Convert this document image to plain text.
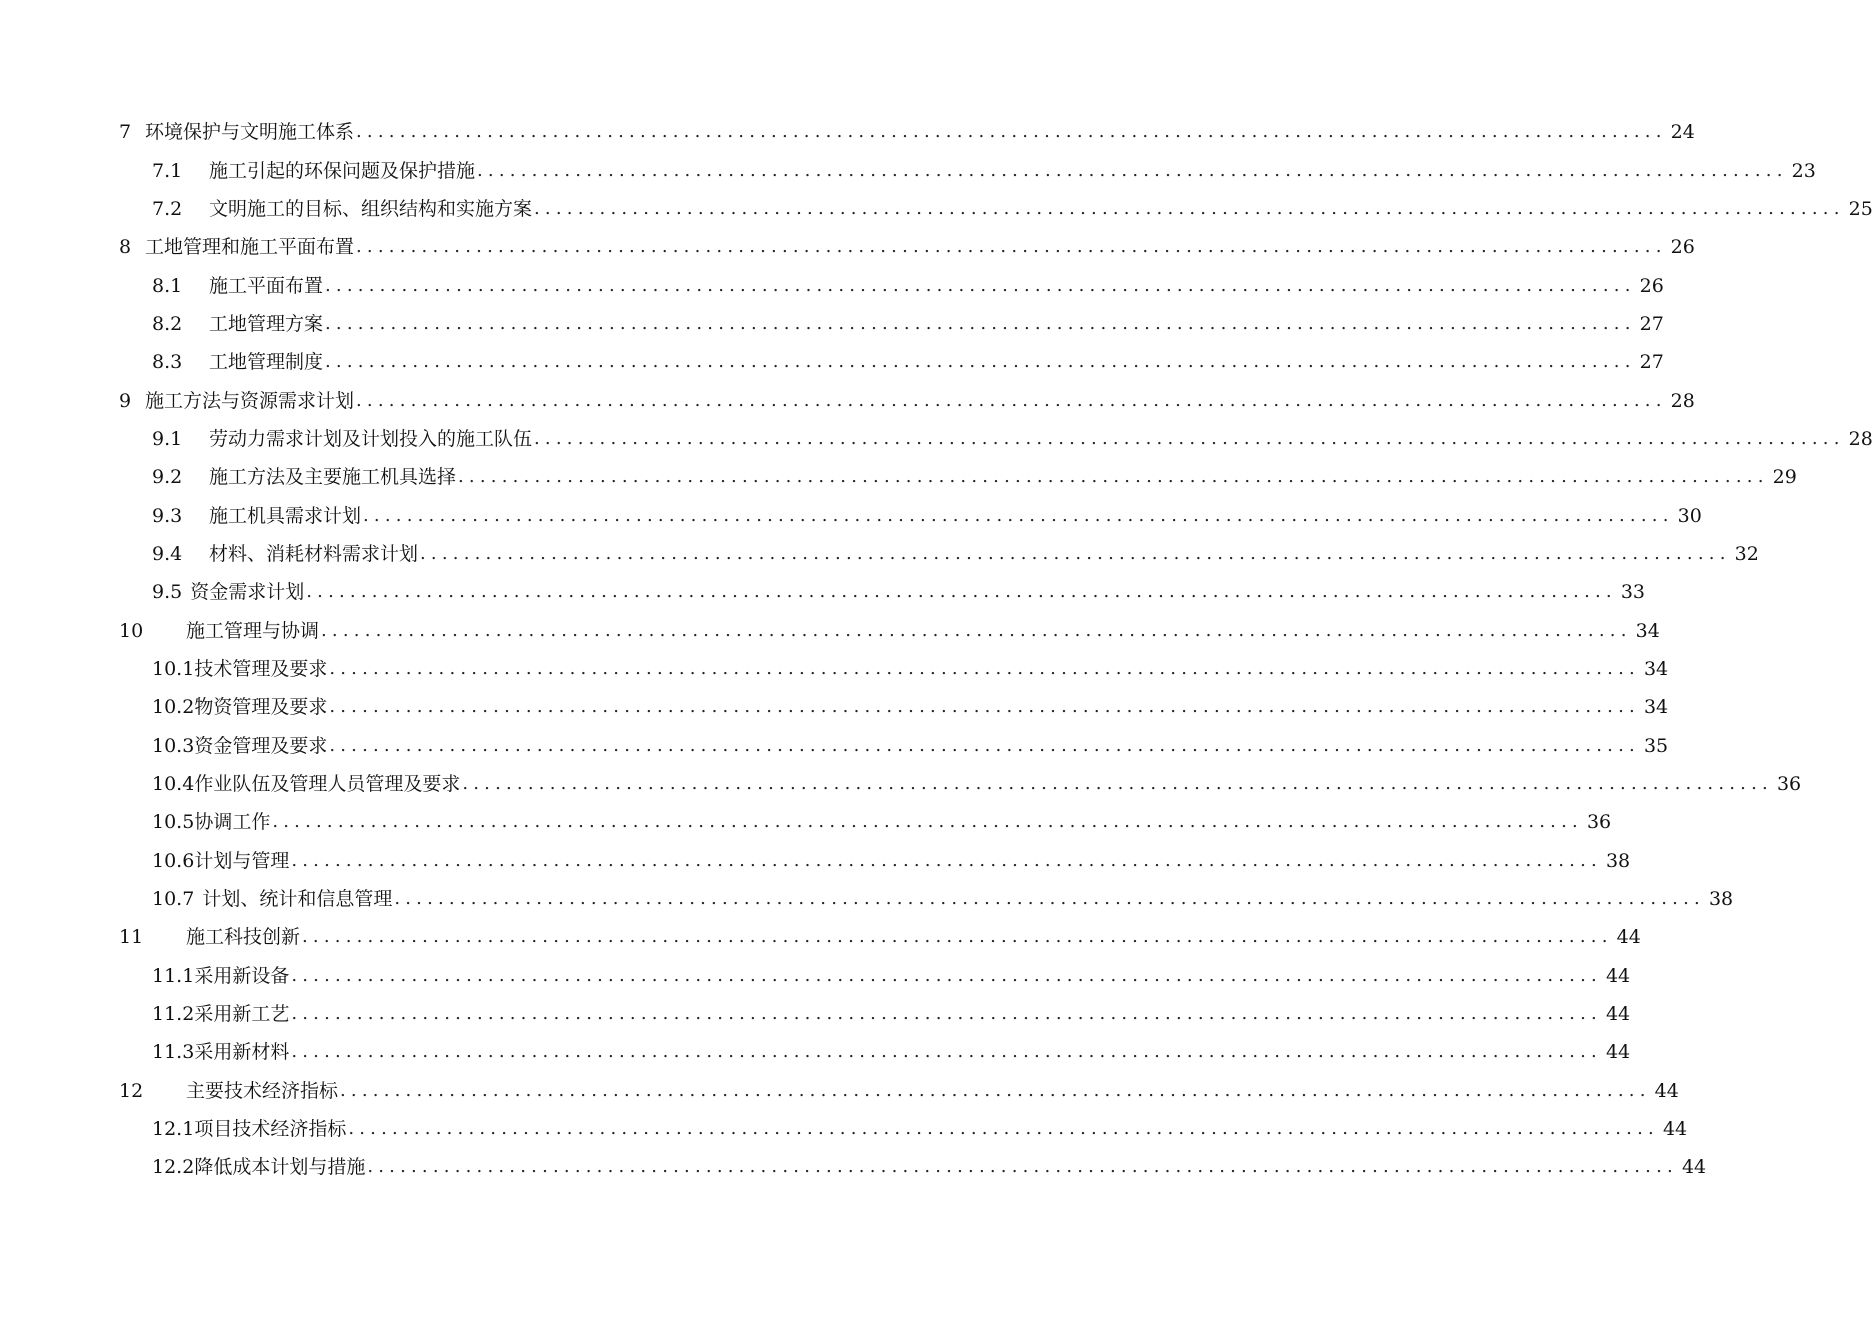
7 环境保护与文明施工体系 ........................................................................................................................ 24
7.1	施工引起的环保问题及保护措施 ........................................................................................................................ 23
7.2	文明施工的目标、组织结构和实施方案 ........................................................................................................................ 25
8 工地管理和施工平面布置 ........................................................................................................................ 26
8.1	施工平面布置 ........................................................................................................................ 26
8.2	工地管理方案 ........................................................................................................................ 27
8.3	工地管理制度 ........................................................................................................................ 27
9 施工方法与资源需求计划 ........................................................................................................................ 28
9.1	劳动力需求计划及计划投入的施工队伍 ........................................................................................................................ 28
9.2	施工方法及主要施工机具选择 ........................................................................................................................ 29
9.3	施工机具需求计划 ........................................................................................................................ 30
9.4	材料、消耗材料需求计划 ........................................................................................................................ 32
9.5 资金需求计划 ........................................................................................................................ 33
10	施工管理与协调 ........................................................................................................................ 34
10.1 技术管理及要求 ........................................................................................................................ 34
10.2 物资管理及要求 ........................................................................................................................ 34
10.3 资金管理及要求 ........................................................................................................................ 35
10.4 作业队伍及管理人员管理及要求 ........................................................................................................................ 36
10.5 协调工作 ........................................................................................................................ 36
10.6 计划与管理 ........................................................................................................................ 38
10.7 计划、统计和信息管理 ........................................................................................................................ 38
11	施工科技创新 ........................................................................................................................ 44
11.1 采用新设备 ........................................................................................................................ 44
11.2 采用新工艺 ........................................................................................................................ 44
11.3 采用新材料 ........................................................................................................................ 44
12	主要技术经济指标 ........................................................................................................................ 44
12.1 项目技术经济指标 ........................................................................................................................ 44
12.2 降低成本计划与措施 ........................................................................................................................ 44
